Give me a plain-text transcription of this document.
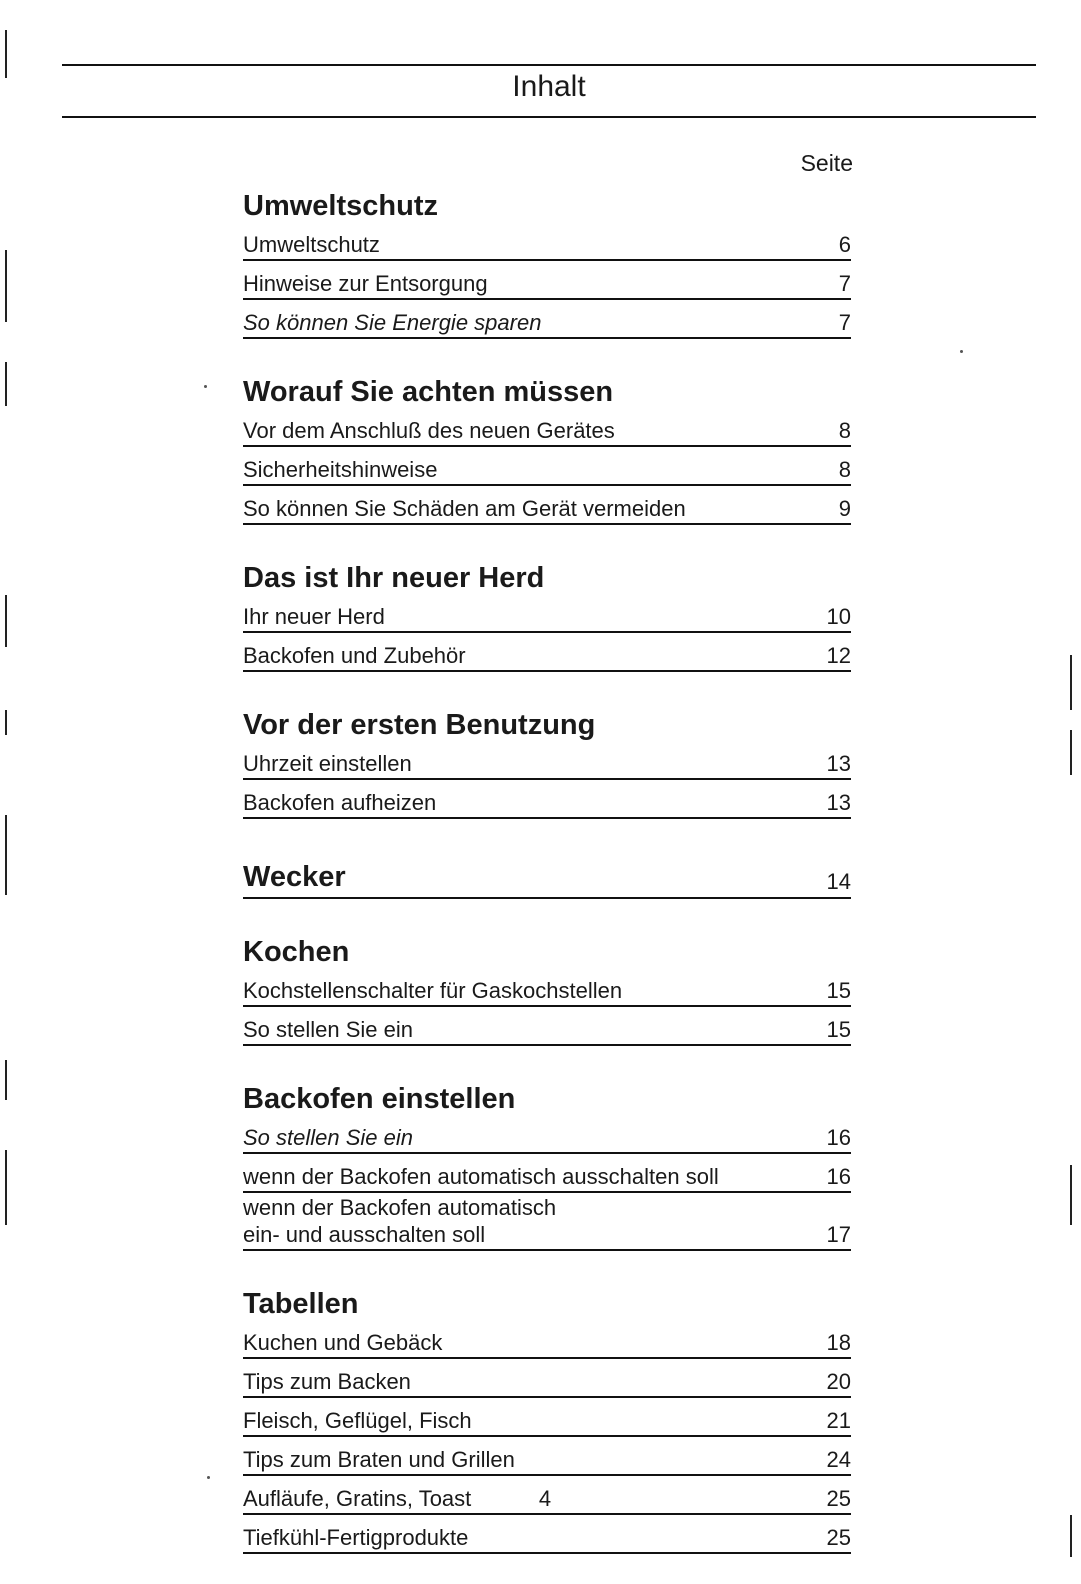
Inhalt
Seite
Umweltschutz
Umweltschutz	6
Hinweise zur Entsorgung	7
So können Sie Energie sparen	7
Worauf Sie achten müssen
Vor dem Anschluß des neuen Gerätes	8
Sicherheitshinweise	8
So können Sie Schäden am Gerät vermeiden	9
Das ist Ihr neuer Herd
Ihr neuer Herd	10
Backofen und Zubehör	12
Vor der ersten Benutzung
Uhrzeit einstellen	13
Backofen aufheizen	13
Wecker	14
Kochen
Kochstellenschalter für Gaskochstellen	15
So stellen Sie ein	15
Backofen einstellen
So stellen Sie ein	16
wenn der Backofen automatisch ausschalten soll	16
wenn der Backofen automatisch
ein- und ausschalten soll	17
Tabellen
Kuchen und Gebäck	18
Tips zum Backen	20
Fleisch, Geflügel, Fisch	21
Tips zum Braten und Grillen	24
Aufläufe, Gratins, Toast	25
Tiefkühl-Fertigprodukte	25
4
